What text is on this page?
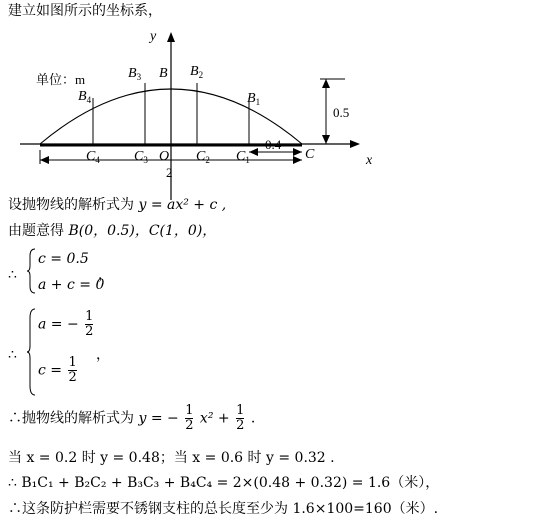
建立如图所示的坐标系，
y
x
0.5
0.4
2
单位：m
$B_4$
$B_3$ B $B_2$
$B_1$
$C_4$ $C_3$ O $C_2$ $C_1$	C
设抛物线的解析式为 y = ax² + c ,
由题意得 B(0，0.5)，C(1，0)，
∴
c = 0.5
a + c = 0
，
∴
a = − $\frac{1}{2}$
$c = \frac{1}{2}$
，
∴抛物线的解析式为 y = − $\frac{1}{2} x^2 + \frac{1}{2}$ .
当 x = 0.2 时 y = 0.48；当 x = 0.6 时 y = 0.32 .
∴ B₁C₁ + B₂C₂ + B₃C₃ + B₄C₄ = 2×(0.48 + 0.32) = 1.6（米），
∴这条防护栏需要不锈钢支柱的总长度至少为 1.6×100=160（米）.
